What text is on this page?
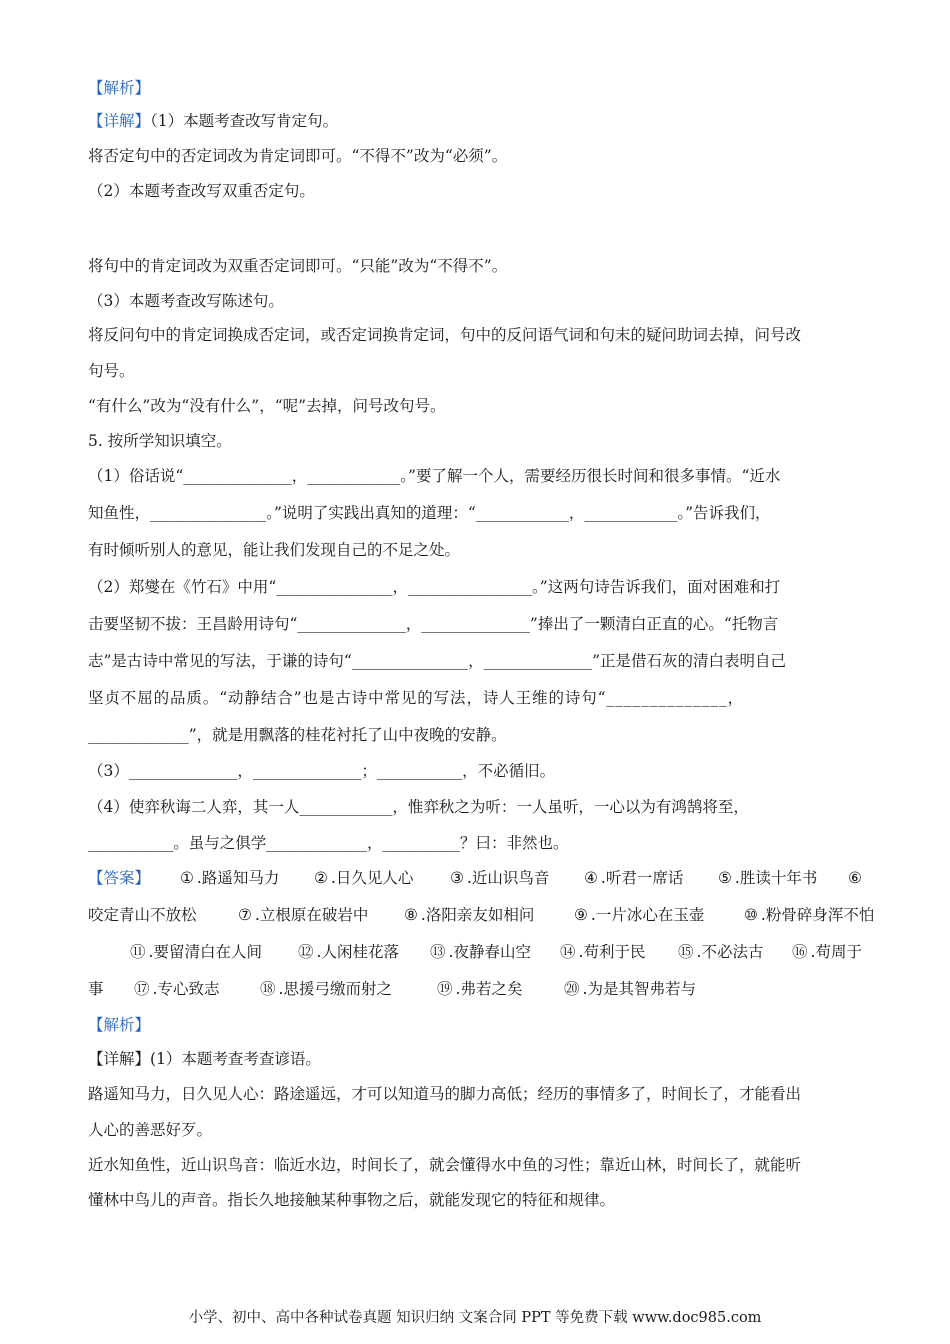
【解析】
【详解】（1）本题考查改写肯定句。
将否定句中的否定词改为肯定词即可。“不得不”改为“必须”。
（2）本题考查改写双重否定句。
将句中的肯定词改为双重否定词即可。“只能”改为“不得不”。
（3）本题考查改写陈述句。
将反问句中的肯定词换成否定词，或否定词换肯定词，句中的反问语气词和句末的疑问助词去掉，问号改
句号。
“有什么”改为“没有什么”，“呢”去掉，问号改句号。
5. 按所学知识填空。
（1）俗话说“______________，____________。”要了解一个人，需要经历很长时间和很多事情。“近水
知鱼性，_______________。”说明了实践出真知的道理：“____________，____________。”告诉我们，
有时倾听别人的意见，能让我们发现自己的不足之处。
（2）郑燮在《竹石》中用“_______________，________________。”这两句诗告诉我们，面对困难和打
击要坚韧不拔：王昌龄用诗句“______________，______________”捧出了一颗清白正直的心。“托物言
志”是古诗中常见的写法，于谦的诗句“_______________，______________”正是借石灰的清白表明自己
坚贞不屈的品质。“动静结合”也是古诗中常见的写法，诗人王维的诗句“______________，
_____________”，就是用飘落的桂花衬托了山中夜晚的安静。
（3）______________，______________；___________，不必循旧。
（4）使弈秋诲二人弈，其一人____________，惟弈秋之为听：一人虽听，一心以为有鸿鹄将至，
___________。虽与之俱学_____________，__________？曰：非然也。
【答案】 ① .路遥知马力 ② .日久见人心 ③ .近山识鸟音 ④ .听君一席话 ⑤ .胜读十年书 ⑥
咬定青山不放松	⑦ .立根原在破岩中 ⑧ .洛阳亲友如相问	⑨ .一片冰心在玉壶	⑩ .粉骨碎身浑不怕
⑪ .要留清白在人间 ⑫ .人闲桂花落 ⑬ .夜静春山空 ⑭ .苟利于民 ⑮ .不必法古 ⑯ .苟周于
事 ⑰ .专心致志	⑱ .思援弓缴而射之	⑲ .弗若之矣	⑳ .为是其智弗若与
【解析】
【详解】(1）本题考查考查谚语。
路遥知马力，日久见人心：路途遥远，才可以知道马的脚力高低；经历的事情多了，时间长了，才能看出
人心的善恶好歹。
近水知鱼性，近山识鸟音：临近水边，时间长了，就会懂得水中鱼的习性；靠近山林，时间长了，就能听
懂林中鸟儿的声音。指长久地接触某种事物之后，就能发现它的特征和规律。
小学、初中、高中各种试卷真题 知识归纳 文案合同 PPT 等免费下载 www.doc985.com
